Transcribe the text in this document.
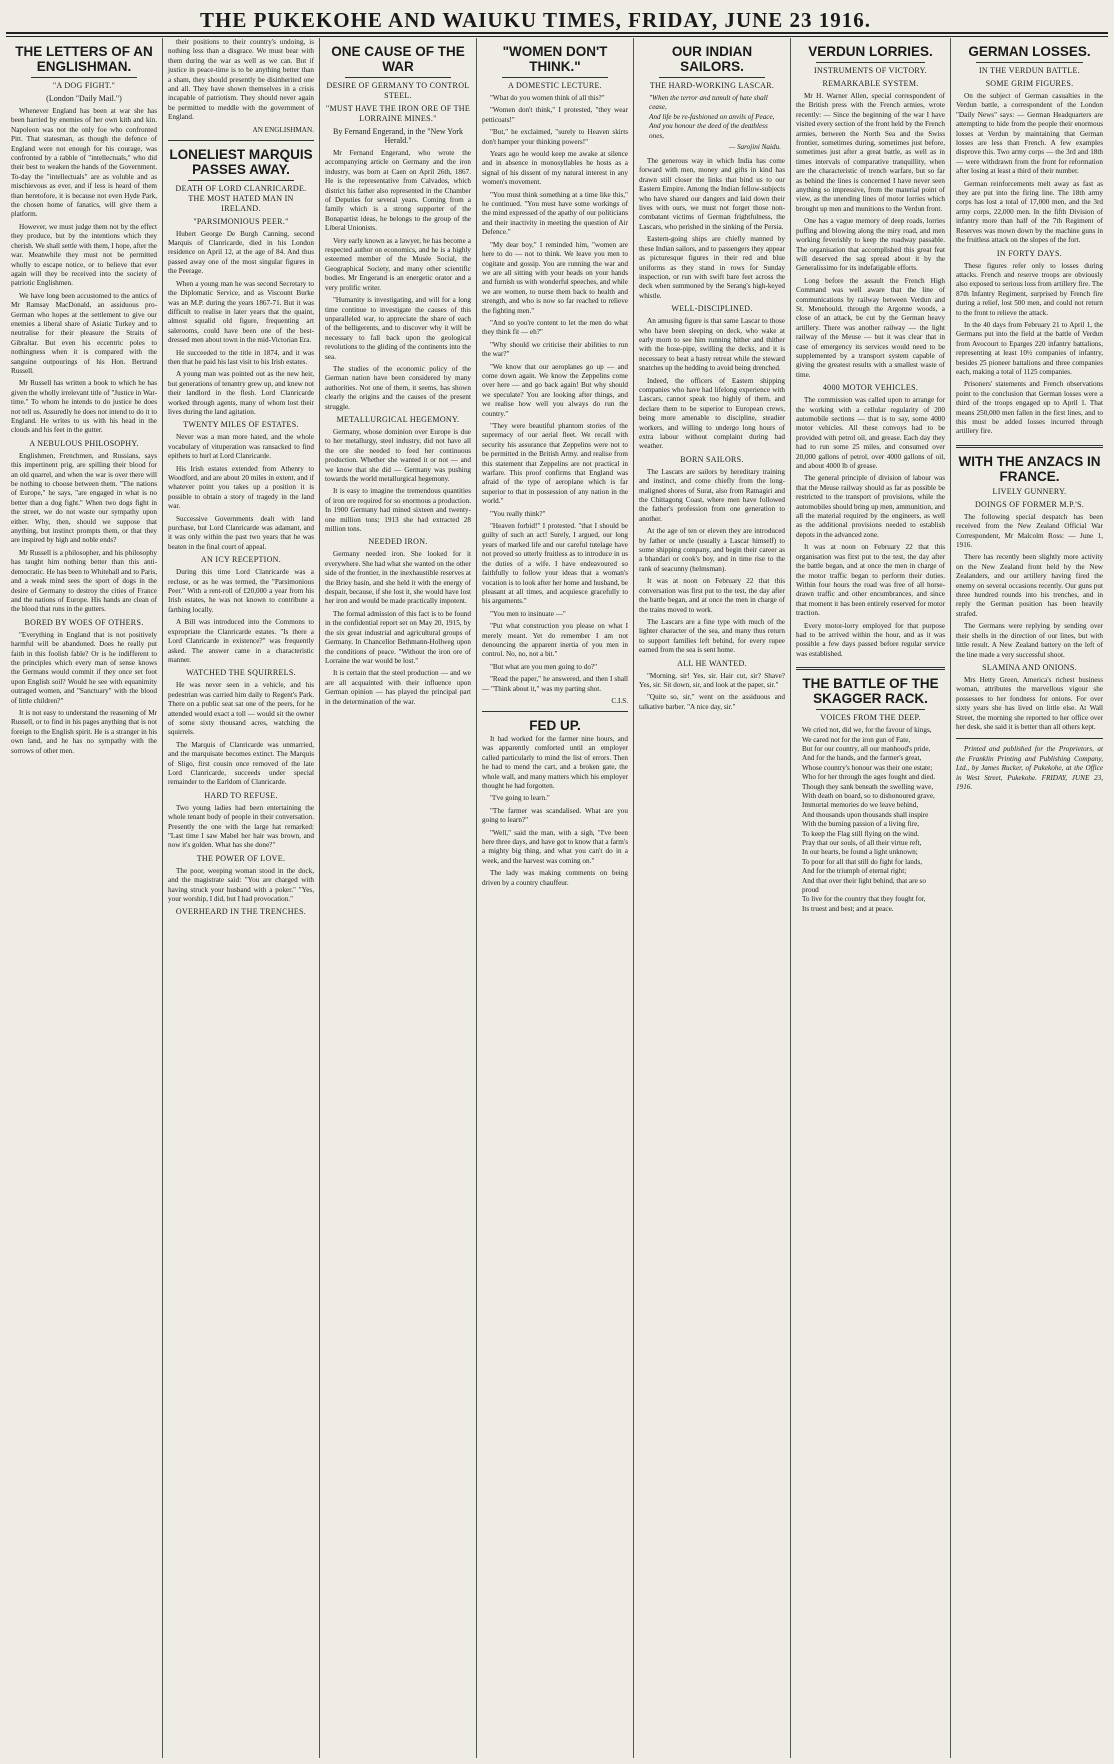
THE PUKEKOHE AND WAIUKU TIMES, FRIDAY, JUNE 23 1916.
THE LETTERS OF AN ENGLISHMAN.
"A DOG FIGHT."
(London "Daily Mail.")

Whenever England has been at war she has been harried by enemies of her own kith and kin. Napoleon was not the only foe who confronted Pitt. That statesman, as though the defence of England were not enough for his courage, was confronted by a rabble of "intellectuals," who did their best to weaken the hands of the Government. To-day the "intellectuals" are as voluble and as mischievous as ever, and if less is heard of them than heretofore, it is because not even Hyde Park, the chosen home of fanatics, will give them a platform.

However, we must judge them not by the effect they produce, but by the intentions which they cherish. We shall settle with them, I hope, after the war. Meanwhile they must not be permitted wholly to escape notice, or to believe that ever again will they be received into the society of patriotic Englishmen.

We have long been accustomed to the antics of Mr Ramsay MacDonald, an assiduous pro-German who hopes at the settlement to give our enemies a liberal share of Asiatic Turkey and to neutralise for their pleasure the Straits of Gibraltar. But even his eccentric poles to nothingness when it is compared with the sanguine outpourings of his Hon. Bertrand Russell.

Mr Russell has written a book to which he has given the wholly irrelevant title of "Justice in War-time." To whom he intends to do justice he does not tell us. Assuredly he does not intend to do it to England. He writes to us with his head in the clouds and his feet in the gutter.

A NEBULOUS PHILOSOPHY.

Englishmen, Frenchmen, and Russians, says this impertinent prig, are spilling their blood for an old quarrel, and when the war is over there will be nothing to choose between them. "The nations of Europe," he says, "are engaged in what is no better than a dog fight." When two dogs fight in the street, we do not waste our sympathy upon either. Why, then, should we suppose that anything, but instinct prompts them, or that they are inspired by high and noble ends?

Mr Russell is a philosopher, and his philosophy has taught him nothing better than this anti-democratic. He has been to Whitehall and to Paris, and a weak mind sees the sport of dogs in the desire of Germany to destroy the cities of France and the nations of Europe. His hands are clean of the blood that runs in the gutters.

BORED BY WOES OF OTHERS.

"Everything in England that is not positively harmful will be abandoned. Does he really put faith in this foolish fable? Or is he indifferent to the principles which every man of sense knows the Germans would commit if they once set foot upon English soil? Would he see with equanimity outraged women, and "Sanctuary" with the blood of little children?"

It is not easy to understand the reasoning of Mr Russell, or to find in his pages anything that is not foreign to the English spirit. He is a stranger in his own land, and he has no sympathy with the sorrows of other men.

their positions to their country's undoing, is nothing less than a disgrace. We must bear with them during the war as well as we can. But if justice in peace-time is to be anything better than a sham, they should presently be disinherited one and all. They have shown themselves in a crisis incapable of patriotism. They should never again be permitted to meddle with the government of England.

AN ENGLISHMAN.
LONELIEST MARQUIS PASSES AWAY.
DEATH OF LORD CLANRICARDE. THE MOST HATED MAN IN IRELAND.
"PARSIMONIOUS PEER."

Hubert George De Burgh Canning, second Marquis of Clanricarde, died in his London residence on April 12, at the age of 84. And thus passed away one of the most singular figures in the Peerage.

When a young man he was second Secretary to the Diplomatic Service, and as Viscount Burke was an M.P. during the years 1867-71. But it was difficult to realise in later years that the quaint, almost squalid old figure, frequenting art salerooms, could have been one of the best-dressed men about town in the mid-Victorian Era.

He succeeded to the title in 1874, and it was then that he paid his last visit to his Irish estates.

A young man was pointed out as the new heir, but generations of tenantry grew up, and knew not their landlord in the flesh. Lord Clanricarde worked through agents, many of whom lost their lives during the land agitation.

TWENTY MILES OF ESTATES.

Never was a man more hated, and the whole vocabulary of vituperation was ransacked to find epithets to hurl at Lord Clanricarde.

His Irish estates extended from Athenry to Woodford, and are about 20 miles in extent, and if whatever point you takes up a position it is possible to obtain a story of tragedy in the land war.

Successive Governments dealt with land purchase, but Lord Clanricarde was adamant, and it was only within the past two years that he was beaten in the final court of appeal.

AN ICY RECEPTION.

During this time Lord Clanricarde was a recluse, or as he was termed, the "Parsimonious Peer." With a rent-roll of £20,000 a year from his Irish estates, he was not known to contribute a farthing locally.

A Bill was introduced into the Commons to expropriate the Clanricarde estates. "Is there a Lord Clanricarde in existence?" was frequently asked. The answer came in a characteristic manner.

WATCHED THE SQUIRRELS.

He was never seen in a vehicle, and his pedestrian was carried him daily to Regent's Park. There on a public seat sat one of the peers, for he attended would exact a toll — would sit the owner of some sixty thousand acres, watching the squirrels.

The Marquis of Clanricarde was unmarried, and the marquisate becomes extinct. The Marquis of Sligo, first cousin once removed of the late Lord Clanricarde, succeeds under special remainder to the Earldom of Clanricarde.

HARD TO REFUSE.

Two young ladies had been entertaining the whole tenant body of people in their conversation. Presently the one with the large hat remarked: "Last time I saw Mabel her hair was brown, and now it's golden. What has she done?"

THE POWER OF LOVE.

The poor, weeping woman stood in the dock, and the magistrate said: "You are charged with having struck your husband with a poker." "Yes, your worship, I did, but I had provocation."

OVERHEARD IN THE TRENCHES.
ONE CAUSE OF THE WAR
DESIRE OF GERMANY TO CONTROL STEEL.
"MUST HAVE THE IRON ORE OF THE LORRAINE MINES."
By Fernand Engerand, in the "New York Herald."

Mr Fernand Engerand, who wrote the accompanying article on Germany and the iron industry, was born at Caen on April 26th, 1867. He is the representative from Calvados, which district his father also represented in the Chamber of Deputies for several years. Coming from a family which is a strong supporter of the Bonapartist ideas, he belongs to the group of the Liberal Unionists.

Very early known as a lawyer, he has become a respected author on economics, and he is a highly esteemed member of the Musée Social, the Geographical Society, and many other scientific bodies. Mr Engerand is an energetic orator and a very prolific writer.

"Humanity is investigating, and will for a long time continue to investigate the causes of this unparalleled war, to appreciate the share of each of the belligerents, and to discover why it will be necessary to fall back upon the geological revolutions to the gliding of the continents into the sea.

The studies of the economic policy of the German nation have been considered by many authorities. Not one of them, it seems, has shown clearly the origins and the causes of the present struggle.

METALLURGICAL HEGEMONY.

Germany, whose dominion over Europe is due to her metallurgy, steel industry, did not have all the ore she needed to feed her continuous production. Whether she wanted it or not — and we know that she did — Germany was pushing towards the world metallurgical hegemony.

It is easy to imagine the tremendous quantities of iron ore required for so enormous a production. In 1900 Germany had mined sixteen and twenty-one million tons; 1913 she had extracted 28 million tons.

NEEDED IRON.

Germany needed iron. She looked for it everywhere. She had what she wanted on the other side of the frontier, in the inexhaustible reserves at the Briey basin, and she held it with the energy of despair, because, if she lost it, she would have lost her iron and would be made practically impotent.

The formal admission of this fact is to be found in the confidential report set on May 20, 1915, by the six great industrial and agricultural groups of Germany. In Chancellor Bethmann-Hollweg upon the conditions of peace. "Without the iron ore of Lorraine the war would be lost."

It is certain that the steel production — and we are all acquainted with their influence upon German opinion — has played the principal part in the determination of the war.

"WOMEN DON'T THINK."
A DOMESTIC LECTURE.

"What do you women think of all this?"

"Women don't think," I protested, "they wear petticoats!"

"But," he exclaimed, "surely to Heaven skirts don't hamper your thinking powers!"

Years ago he would keep me awake at silence and in absence in monosyllables he hosts as a signal of his dissent of my natural interest in any women's movement.

"You must think something at a time like this," he continued. "You must have some workings of the mind expressed of the apathy of our politicians and their inactivity in meeting the question of Air Defence."

"My dear boy," I reminded him, "women are here to do — not to think. We leave you men to cogitate and gossip. You are running the war and we are all sitting with your heads on your hands and furnish us with wonderful speeches, and while we are women, to nurse them back to health and strength, and who is now so far reached to relieve the fighting men."

"And so you're content to let the men do what they think fit — eh?"

"Why should we criticise their abilities to run the war?"

"We know that our aeroplanes go up — and come down again. We know the Zeppelins come over here — and go back again! But why should we speculate? You are looking after things, and we realise how well you always do run the country."

"They were beautiful phantom stories of the supremacy of our aerial fleet. We recall with security his assurance that Zeppelins were not to be permitted in the British Army. and realise from this statement that Zeppelins are not practical in warfare. This proof confirms that England was afraid of the type of aeroplane which is far superior to that in possession of any nation in the world."

"You really think?"

"Heaven forbid!" I protested. "that I should be guilty of such an act! Surely, I argued, our long years of marked life and our careful tutelage have not proved so utterly fruitless as to introduce in us the duties of a wife. I have endeavoured so faithfully to follow your ideas that a woman's vocation is to look after her home and husband, be pleasant at all times, and acquiesce gracefully to his arguments."

"You men to insinuate —"

"Put what construction you please on what I merely meant. Yet do remember I am not denouncing the apparent inertia of you men in control. No, no, not a bit."

"But what are you men going to do?"

"Read the paper," he answered, and then I shall — "Think about it," was my parting shot.

C.I.S.
FED UP.

It had worked for the farmer nine hours, and was apparently comforted until an employer called particularly to mind the list of errors. Then he had to mend the cart, and a broken gate, the whole wall, and many matters which his employer thought he had forgotten.

"I've going to learn."

"The farmer was scandalised. What are you going to learn?"

"Well," said the man, with a sigh, "I've been here three days, and have got to know that a farm's a mighty big thing, and what you can't do in a week, and the harvest was coming on."

The lady was making comments on being driven by a country chauffeur.

OUR INDIAN SAILORS.
THE HARD-WORKING LASCAR.
"When the terror and tumult of hate shall cease,
And life be re-fashioned on anvils of Peace,
And you honour the deed of the deathless ones,
— Sarojini Naidu.

The generous way in which India has come forward with men, money and gifts in kind has drawn still closer the links that bind us to our Eastern Empire. Among the Indian fellow-subjects who have shared our dangers and laid down their lives with ours, we must not forget those non-combatant victims of German frightfulness, the Lascars, who perished in the sinking of the Persia.

Eastern-going ships are chiefly manned by these Indian sailors, and to passengers they appear as picturesque figures in their red and blue uniforms as they stand in rows for Sunday inspection, or run with swift bare feet across the deck when summoned by the Serang's high-keyed whistle.

WELL-DISCIPLINED.

An amusing figure is that same Lascar to those who have been sleeping on deck, who wake at early morn to see him running hither and thither with the hose-pipe, swilling the decks, and it is necessary to beat a hasty retreat while the steward snatches up the bedding to avoid being drenched.

Indeed, the officers of Eastern shipping companies who have had lifelong experience with Lascars, cannot speak too highly of them, and declare them to be superior to European crews, being more amenable to discipline, steadier workers, and willing to undergo long hours of extra labour without complaint during bad weather.

BORN SAILORS.

The Lascars are sailors by hereditary training and instinct, and come chiefly from the long-maligned shores of Surat, also from Ratnagiri and the Chittagong Coast, where men have followed the father's profession from one generation to another.

At the age of ten or eleven they are introduced by father or uncle (usually a Lascar himself) to some shipping company, and begin their career as a bhandari or cook's boy, and in time rise to the rank of seacunny (helmsman).

It was at noon on February 22 that this conversation was first put to the test, the day after the battle began, and at once the men in charge of the trains moved to work.

The Lascars are a fine type with much of the lighter character of the sea, and many thus return to support families left behind, for every rupee earned from the sea is sent home.

ALL HE WANTED.

"Morning, sir! Yes, sir. Hair cut, sir? Shave? Yes, sir. Sit down, sir, and look at the paper, sir."

"Quite so, sir," went on the assiduous and talkative barber. "A nice day, sir."

VERDUN LORRIES.
INSTRUMENTS OF VICTORY.
REMARKABLE SYSTEM.

Mr H. Warner Allen, special correspondent of the British press with the French armies, wrote recently: — Since the beginning of the war I have visited every section of the front held by the French armies, between the North Sea and the Swiss frontier, sometimes during, sometimes just before, sometimes just after a great battle, as well as in times intervals of comparative tranquillity, when are the characteristic of trench warfare, but so far as behind the lines is concerned I have never seen anything so impressive, from the material point of view, as the unending lines of motor lorries which brought up men and munitions to the Verdun front.

One has a vague memory of deep roads, lorries puffing and blowing along the miry road, and men working feverishly to keep the roadway passable. The organisation that accomplished this great feat will deserved the sag spread about it by the Generalissimo for its indefatigable efforts.

Long before the assault the French High Command was well aware that the line of communications by railway between Verdun and St. Menehould, through the Argonne woods, a close of an attack, be cut by the German heavy artillery. There was another railway — the light railway of the Meuse — but it was clear that in case of emergency its services would need to be supplemented by a transport system capable of giving the greatest results with a smallest waste of time.

4000 MOTOR VEHICLES.

The commission was called upon to arrange for the working with a cellular regularity of 200 automobile sections — that is to say, some 4000 motor vehicles. All these convoys had to be provided with petrol oil, and grease. Each day they had to run some 25 miles, and consumed over 20,000 gallons of petrol, over 4000 gallons of oil, and about 4000 lb of grease.

The general principle of division of labour was that the Meuse railway should as far as possible be restricted to the transport of provisions, while the automobiles should bring up men, ammunition, and all the material required by the engineers, as well as the additional provisions needed to establish depots in the advanced zone.

It was at noon on February 22 that this organisation was first put to the test, the day after the battle began, and at once the men in charge of the motor traffic began to perform their duties. Within four hours the road was free of all horse-drawn traffic and other encumbrances, and since that moment it has been entirely reserved for motor traction.

Every motor-lorry employed for that purpose had to be arrived within the hour, and as it was possible a few days passed before regular service was established.

THE BATTLE OF THE SKAGGER RACK.
VOICES FROM THE DEEP.
We cried not, did we, for the favour of kings,
We cared not for the iron gun of Fate,
But for our country, all our manhood's pride,
And for the hands, and the farmer's great,
Whose country's honour was their one estate;
Who for her through the ages fought and died.
Though they sank beneath the swelling wave,
With death on board, so to dishonoured grave,
Immortal memories do we leave behind,
And thousands upon thousands shall inspire
With the burning passion of a living fire,
To keep the Flag still flying on the wind.
Pray that our souls, of all their virtue reft,
In our hearts, be found a light unknown;
To pour for all that still do fight for lands,
And for the triumph of eternal right;
And that over their light behind, that are so proud
To live for the country that they fought for,
Its truest and best; and at peace.
GERMAN LOSSES.
IN THE VERDUN BATTLE.
SOME GRIM FIGURES.

On the subject of German casualties in the Verdun battle, a correspondent of the London "Daily News" says: — German Headquarters are attempting to hide from the people their enormous losses at Verdun by maintaining that German losses are less than French. A few examples disprove this. Two army corps — the 3rd and 18th — were withdrawn from the front for reformation after losing at least a third of their number.

German reinforcements melt away as fast as they are put into the firing line. The 18th army corps has lost a total of 17,000 men, and the 3rd army corps, 22,000 men. In the fifth Division of infantry more than half of the 7th Regiment of Reserves was mown down by the machine guns in the fruitless attack on the slopes of the fort.

IN FORTY DAYS.

These figures refer only to losses during attacks. French and reserve troops are obviously also exposed to serious loss from artillery fire. The 87th Infantry Regiment, surprised by French fire during a relief, lost 500 men, and could not return to the front to relieve the attack.

In the 40 days from February 21 to April 1, the Germans put into the field at the battle of Verdun from Avocourt to Eparges 220 infantry battalions, representing at least 10½ companies of infantry, besides 25 pioneer battalions and three companies each, making a total of 1125 companies.

Prisoners' statements and French observations point to the conclusion that German losses were a third of the troops engaged up to April 1. That means 250,000 men fallen in the first lines, and to this must be added losses incurred through artillery fire.

WITH THE ANZACS IN FRANCE.
LIVELY GUNNERY.
DOINGS OF FORMER M.P.'S.

The following special despatch has been received from the New Zealand Official War Correspondent, Mr Malcolm Ross: — June 1, 1916.

There has recently been slightly more activity on the New Zealand front held by the New Zealanders, and our artillery having fired the enemy on several occasions recently. Our guns put three hundred rounds into his trenches, and in reply the German position has been heavily strafed.

The Germans were replying by sending over their shells in the direction of our lines, but with little result. A New Zealand battery on the left of the line made a very successful shoot.

SLAMINA AND ONIONS.

Mrs Hetty Green, America's richest business woman, attributes the marvellous vigour she possesses to her fondness for onions. For over sixty years she has lived on little else. At Wall Street, the morning she reported to her office over her desk, she said it is better than all others kept.

Printed and published for the Proprietors, at the Franklin Printing and Publishing Company, Ltd., by James Rucker, of Pukekohe, at the Office in West Street, Pukekohe. FRIDAY, JUNE 23, 1916.
